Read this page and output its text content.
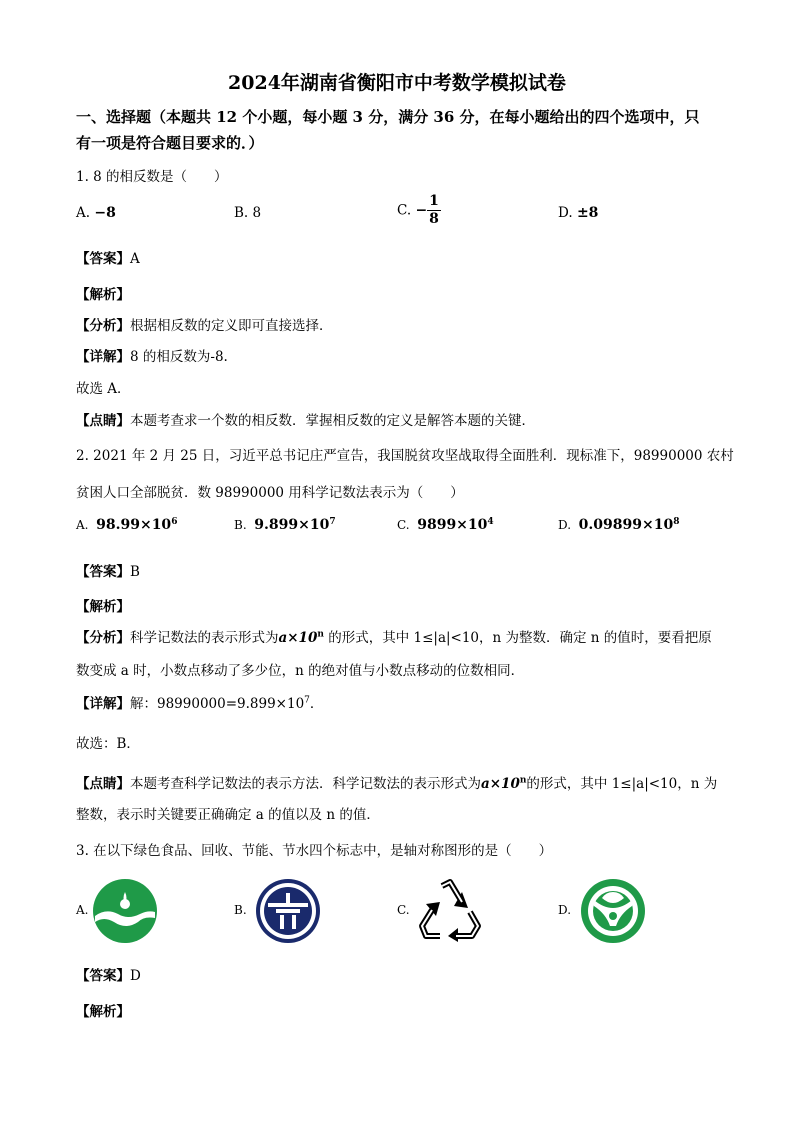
2024年湖南省衡阳市中考数学模拟试卷
一、选择题（本题共 12 个小题，每小题 3 分，满分 36 分，在每小题给出的四个选项中，只
有一项是符合题目要求的．）
1. 8 的相反数是（　　）
A. −8	B. 8	C. − $\frac{1}{8}$	D. ±8
【答案】A
【解析】
【分析】根据相反数的定义即可直接选择．
【详解】8 的相反数为-8.
故选 A．
【点睛】本题考查求一个数的相反数．掌握相反数的定义是解答本题的关键．
2. 2021 年 2 月 25 日，习近平总书记庄严宣告，我国脱贫攻坚战取得全面胜利．现标准下，98990000 农村
贫困人口全部脱贫．数 98990000 用科学记数法表示为（　　）
A. $98.99\times 10^6$	B. $9.899\times 10^7$	C. $9899\times 10^4$	D. $0.09899\times 10^8$
【答案】B
【解析】
【分析】科学记数法的表示形式为$a\times 10^n$ 的形式，其中 1≤|a|<10，n 为整数．确定 n 的值时，要看把原
数变成 a 时，小数点移动了多少位，n 的绝对值与小数点移动的位数相同．
【详解】解：$98990000=9.899\times 10^7$．
故选：B．
【点睛】本题考查科学记数法的表示方法．科学记数法的表示形式为$a\times 10^n$的形式，其中 1≤|a|<10，n 为
整数，表示时关键要正确确定 a 的值以及 n 的值．
3. 在以下绿色食品、回收、节能、节水四个标志中，是轴对称图形的是（　　）
A.	B.	C.	D.
【答案】D
【解析】
